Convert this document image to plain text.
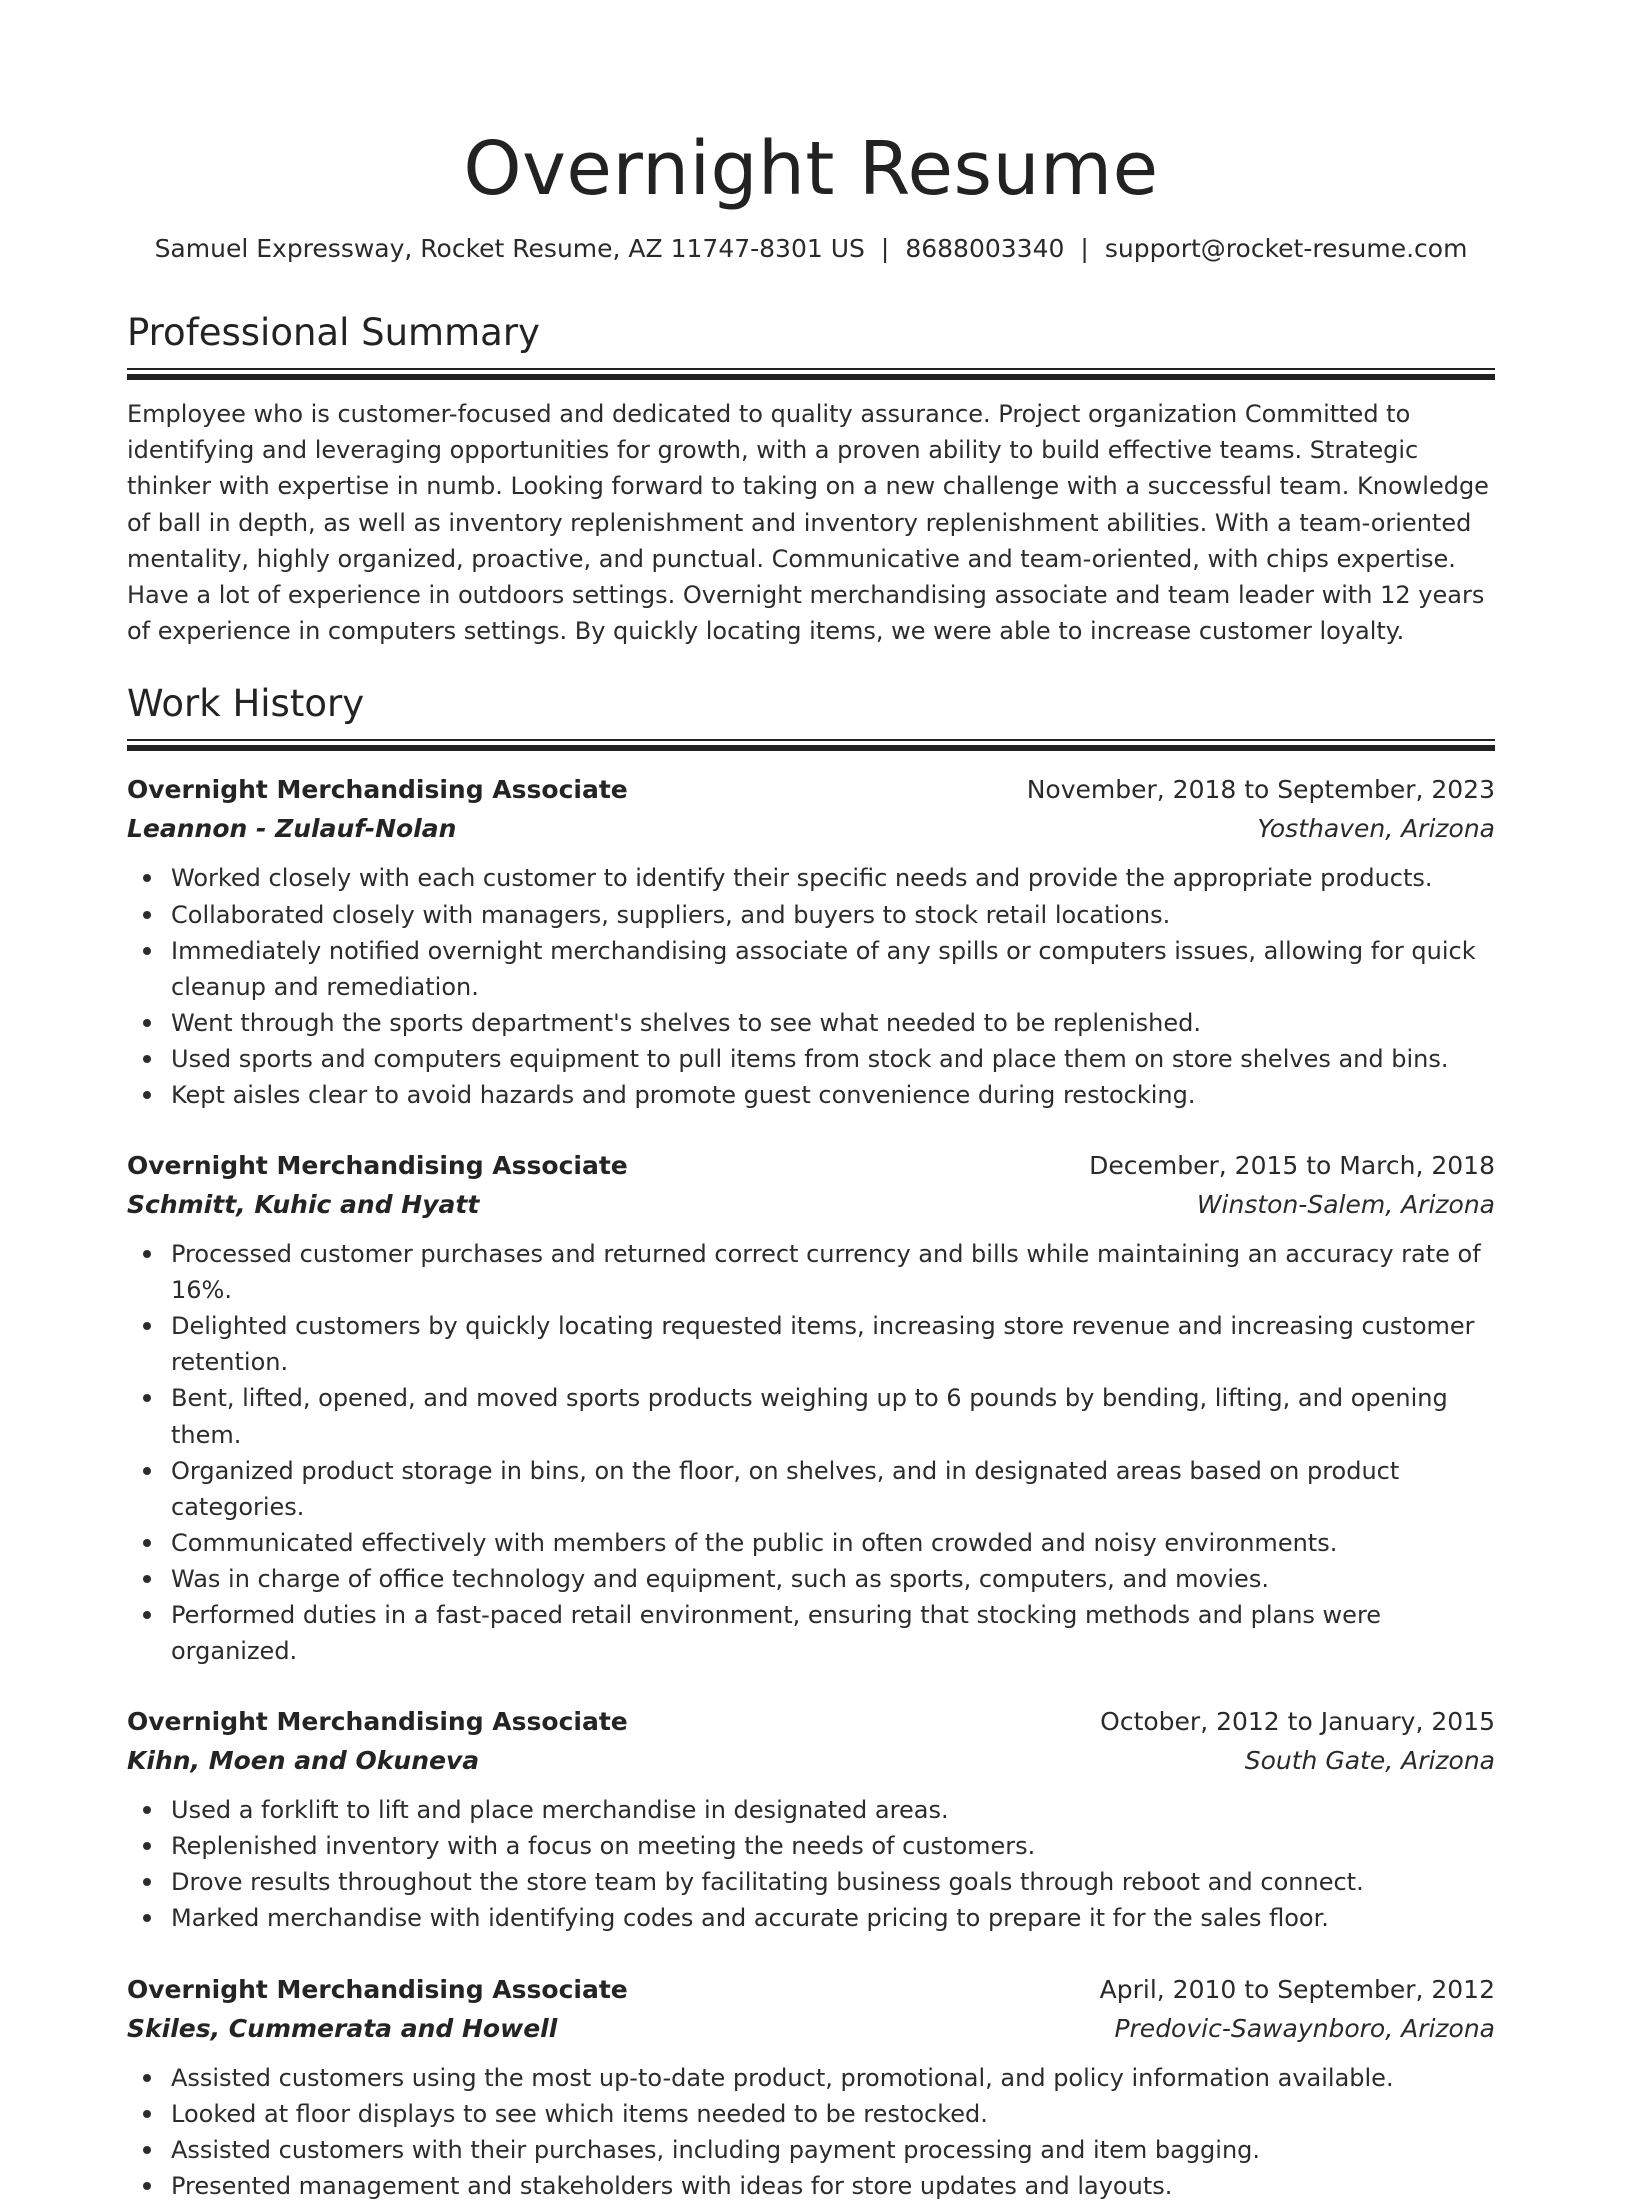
Overnight Resume
Samuel Expressway, Rocket Resume, AZ 11747-8301 US | 8688003340 | support@rocket-resume.com
Professional Summary

Employee who is customer-focused and dedicated to quality assurance. Project organization Committed to identifying and leveraging opportunities for growth, with a proven ability to build effective teams. Strategic thinker with expertise in numb. Looking forward to taking on a new challenge with a successful team. Knowledge of ball in depth, as well as inventory replenishment and inventory replenishment abilities. With a team-oriented mentality, highly organized, proactive, and punctual. Communicative and team-oriented, with chips expertise. Have a lot of experience in outdoors settings. Overnight merchandising associate and team leader with 12 years of experience in computers settings. By quickly locating items, we were able to increase customer loyalty.

Work History
Overnight Merchandising Associate	November, 2018 to September, 2023
Leannon - Zulauf-Nolan	Yosthaven, Arizona
Worked closely with each customer to identify their specific needs and provide the appropriate products.
Collaborated closely with managers, suppliers, and buyers to stock retail locations.
Immediately notified overnight merchandising associate of any spills or computers issues, allowing for quick cleanup and remediation.
Went through the sports department's shelves to see what needed to be replenished.
Used sports and computers equipment to pull items from stock and place them on store shelves and bins.
Kept aisles clear to avoid hazards and promote guest convenience during restocking.
Overnight Merchandising Associate	December, 2015 to March, 2018
Schmitt, Kuhic and Hyatt	Winston-Salem, Arizona
Processed customer purchases and returned correct currency and bills while maintaining an accuracy rate of 16%.
Delighted customers by quickly locating requested items, increasing store revenue and increasing customer retention.
Bent, lifted, opened, and moved sports products weighing up to 6 pounds by bending, lifting, and opening them.
Organized product storage in bins, on the floor, on shelves, and in designated areas based on product categories.
Communicated effectively with members of the public in often crowded and noisy environments.
Was in charge of office technology and equipment, such as sports, computers, and movies.
Performed duties in a fast-paced retail environment, ensuring that stocking methods and plans were organized.
Overnight Merchandising Associate	October, 2012 to January, 2015
Kihn, Moen and Okuneva	South Gate, Arizona
Used a forklift to lift and place merchandise in designated areas.
Replenished inventory with a focus on meeting the needs of customers.
Drove results throughout the store team by facilitating business goals through reboot and connect.
Marked merchandise with identifying codes and accurate pricing to prepare it for the sales floor.
Overnight Merchandising Associate	April, 2010 to September, 2012
Skiles, Cummerata and Howell	Predovic-Sawaynboro, Arizona
Assisted customers using the most up-to-date product, promotional, and policy information available.
Looked at floor displays to see which items needed to be restocked.
Assisted customers with their purchases, including payment processing and item bagging.
Presented management and stakeholders with ideas for store updates and layouts.
